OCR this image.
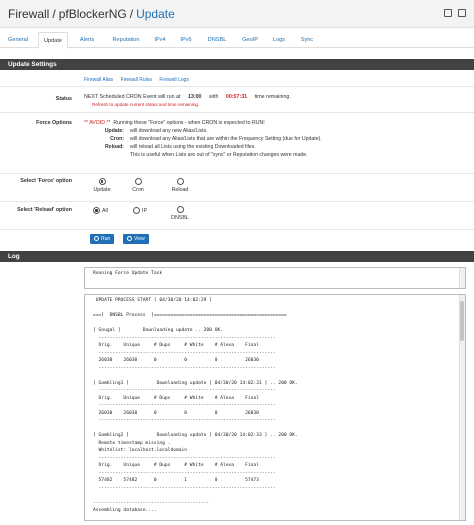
Firewall / pfBlockerNG / Update
General	Update	Alerts	Reputation	IPv4	IPv6	DNSBL	GeoIP	Logs	Sync
Update Settings
Firewall Alias Firewall Rules Firewall Logs
Status NEXT Scheduled CRON Event will run at 13:00 with 00:57:31 time remaining.
Refresh to update current status and time remaining.
Force Options ** AVOID ** Running these "Force" options - when CRON is expected to RUN!
Update: will download any new Alias/Lists.
Cron: will download any Alias/Lists that are within the Frequency Setting (due for Update).
Reload: will reload all Lists using the existing Downloaded files.
This is useful when Lists are out of "sync" or Reputation changes were made.
Select 'Force' option
Update	Cron	Reload
Select 'Reload' option	All	IP
DNSBL
Run	View
Log
Running Force Update Task
UPDATE PROCESS START [ 04/30/20 14:02:29 ]
===[  DNSBL Process  ]================================================
[ Gougal ]        Downloading update .. 200 OK.
----------------------------------------------------------------
Orig.    Unique     # Dups     # White    # Alexa    Final
----------------------------------------------------------------
26030    26030      0          0          0          26030
----------------------------------------------------------------
[ Gambling1 ]          Downloading update [ 04/30/20 14:02:31 ] .. 200 OK.
----------------------------------------------------------------
Orig.    Unique     # Dups     # White    # Alexa    Final
----------------------------------------------------------------
26030    26030      0          0          0          26030
----------------------------------------------------------------
[ Gambling2 ]          Downloading update [ 04/30/20 14:02:33 ] .. 200 OK.
Remote timestamp missing .
Whitelist: localhost.localdomain
----------------------------------------------------------------
Orig.    Unique     # Dups     # White    # Alexa    Final
----------------------------------------------------------------
57482    57482      0          1          0          57473
----------------------------------------------------------------
------------------------------------------
Assembling database....
